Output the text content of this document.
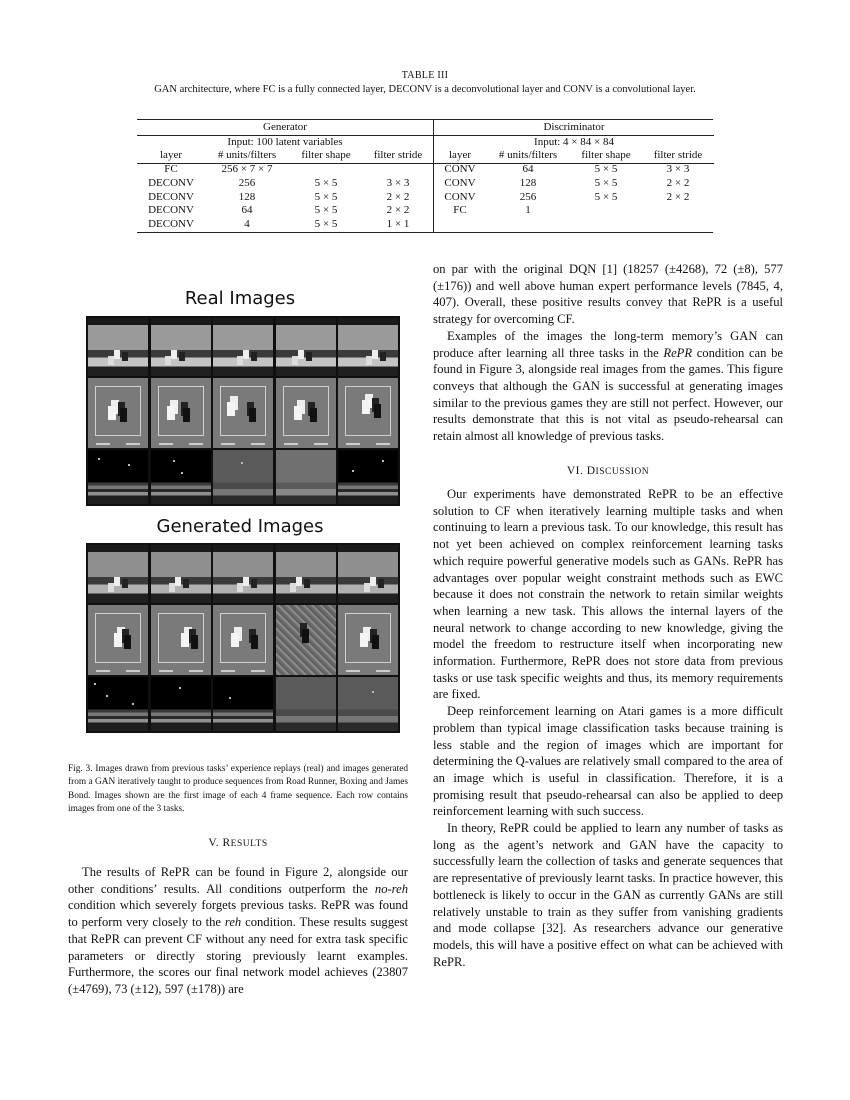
TABLE III
GAN architecture, where FC is a fully connected layer, DECONV is a deconvolutional layer and CONV is a convolutional layer.
Generator
Input: 100 latent variables
layer	# units/filters	filter shape	filter stride
FC	256 × 7 × 7
DECONV	256	5 × 5	3 × 3
DECONV	128	5 × 5	2 × 2
DECONV	64	5 × 5	2 × 2
DECONV	4	5 × 5	1 × 1
Discriminator
Input: 4 × 84 × 84
layer	# units/filters	filter shape	filter stride
CONV	64	5 × 5	3 × 3
CONV	128	5 × 5	2 × 2
CONV	256	5 × 5	2 × 2
FC	1
Real Images
Generated Images
Fig. 3. Images drawn from previous tasks’ experience replays (real) and images generated from a GAN iteratively taught to produce sequences from Road Runner, Boxing and James Bond. Images shown are the first image of each 4 frame sequence. Each row contains images from one of the 3 tasks.
V. RESULTS

The results of RePR can be found in Figure 2, alongside our other conditions’ results. All conditions outperform the no-reh condition which severely forgets previous tasks. RePR was found to perform very closely to the reh condition. These results suggest that RePR can prevent CF without any need for extra task specific parameters or directly storing previously learnt examples. Furthermore, the scores our final network model achieves (23807 (±4769), 73 (±12), 597 (±178)) are

on par with the original DQN [1] (18257 (±4268), 72 (±8), 577 (±176)) and well above human expert performance levels (7845, 4, 407). Overall, these positive results convey that RePR is a useful strategy for overcoming CF.

Examples of the images the long-term memory’s GAN can produce after learning all three tasks in the RePR condition can be found in Figure 3, alongside real images from the games. This figure conveys that although the GAN is successful at generating images similar to the previous games they are still not perfect. However, our results demonstrate that this is not vital as pseudo-rehearsal can retain almost all knowledge of previous tasks.

VI. DISCUSSION

Our experiments have demonstrated RePR to be an effective solution to CF when iteratively learning multiple tasks and when continuing to learn a previous task. To our knowledge, this result has not yet been achieved on complex reinforcement learning tasks which require powerful generative models such as GANs. RePR has advantages over popular weight constraint methods such as EWC because it does not constrain the network to retain similar weights when learning a new task. This allows the internal layers of the neural network to change according to new knowledge, giving the model the freedom to restructure itself when incorporating new information. Furthermore, RePR does not store data from previous tasks or use task specific weights and thus, its memory requirements are fixed.

Deep reinforcement learning on Atari games is a more difficult problem than typical image classification tasks because training is less stable and the region of images which are important for determining the Q-values are relatively small compared to the area of an image which is useful in classification. Therefore, it is a promising result that pseudo-rehearsal can also be applied to deep reinforcement learning with such success.

In theory, RePR could be applied to learn any number of tasks as long as the agent’s network and GAN have the capacity to successfully learn the collection of tasks and generate sequences that are representative of previously learnt tasks. In practice however, this bottleneck is likely to occur in the GAN as currently GANs are still relatively unstable to train as they suffer from vanishing gradients and mode collapse [32]. As researchers advance our generative models, this will have a positive effect on what can be achieved with RePR.
